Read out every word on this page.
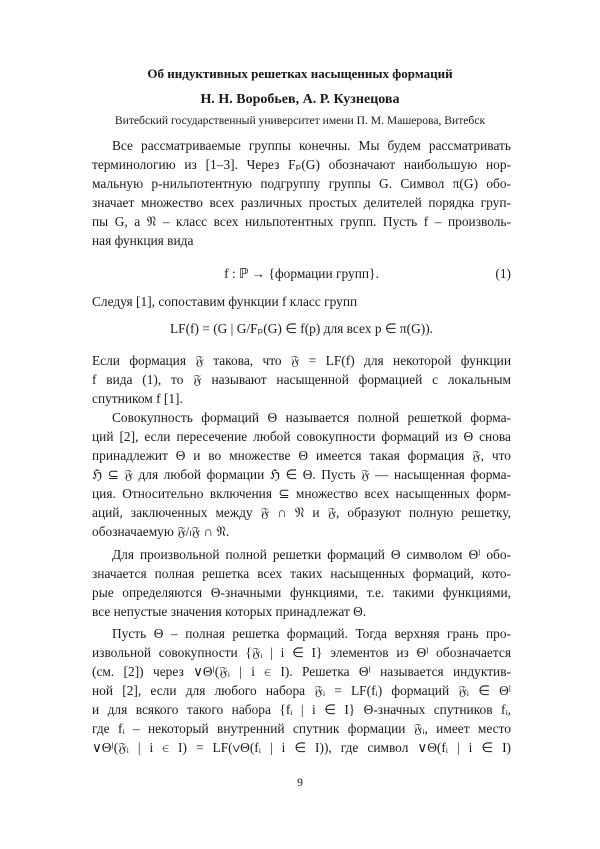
Об индуктивных решетках насыщенных формаций
Н. Н. Воробьев, А. Р. Кузнецова
Витебский государственный университет имени П. М. Машерова, Витебск
Все рассматриваемые группы конечны. Мы будем рассматривать
терминологию из [1–3]. Через Fₚ(G) обозначают наибольшую нор-
мальную p-нильпотентную подгруппу группы G. Символ π(G) обо-
значает множество всех различных простых делителей порядка груп-
пы G, а 𝔑 – класс всех нильпотентных групп. Пусть f – произволь-
ная функция вида
f : ℙ → {формации групп}.	(1)
Следуя [1], сопоставим функции f класс групп
LF(f) = (G | G/Fₚ(G) ∈ f(p) для всех p ∈ π(G)).
Если формация 𝔉 такова, что 𝔉 = LF(f) для некоторой функции
f вида (1), то 𝔉 называют насыщенной формацией с локальным
спутником f [1].
Совокупность формаций Θ называется полной решеткой форма-
ций [2], если пересечение любой совокупности формаций из Θ снова
принадлежит Θ и во множестве Θ имеется такая формация 𝔉, что
ℌ ⊆ 𝔉 для любой формации ℌ ∈ Θ. Пусть 𝔉 — насыщенная форма-
ция. Относительно включения ⊆ множество всех насыщенных форм-
аций, заключенных между 𝔉 ∩ 𝔑 и 𝔉, образуют полную решетку,
обозначаемую 𝔉/ₗ𝔉 ∩ 𝔑.
Для произвольной полной решетки формаций Θ символом Θˡ обо-
значается полная решетка всех таких насыщенных формаций, кото-
рые определяются Θ-значными функциями, т.е. такими функциями,
все непустые значения которых принадлежат Θ.
Пусть Θ – полная решетка формаций. Тогда верхняя грань про-
извольной совокупности {𝔉ᵢ | i ∈ I} элементов из Θˡ обозначается
(см. [2]) через ∨Θˡ(𝔉ᵢ | i ∈ I). Решетка Θˡ называется индуктив-
ной [2], если для любого набора 𝔉ᵢ = LF(fᵢ) формаций 𝔉ᵢ ∈ Θˡ
и для всякого такого набора {fᵢ | i ∈ I} Θ-значных спутников fᵢ,
где fᵢ – некоторый внутренний спутник формации 𝔉ᵢ, имеет место
∨Θˡ(𝔉ᵢ | i ∈ I) = LF(∨Θ(fᵢ | i ∈ I)), где символ ∨Θ(fᵢ | i ∈ I)
9
